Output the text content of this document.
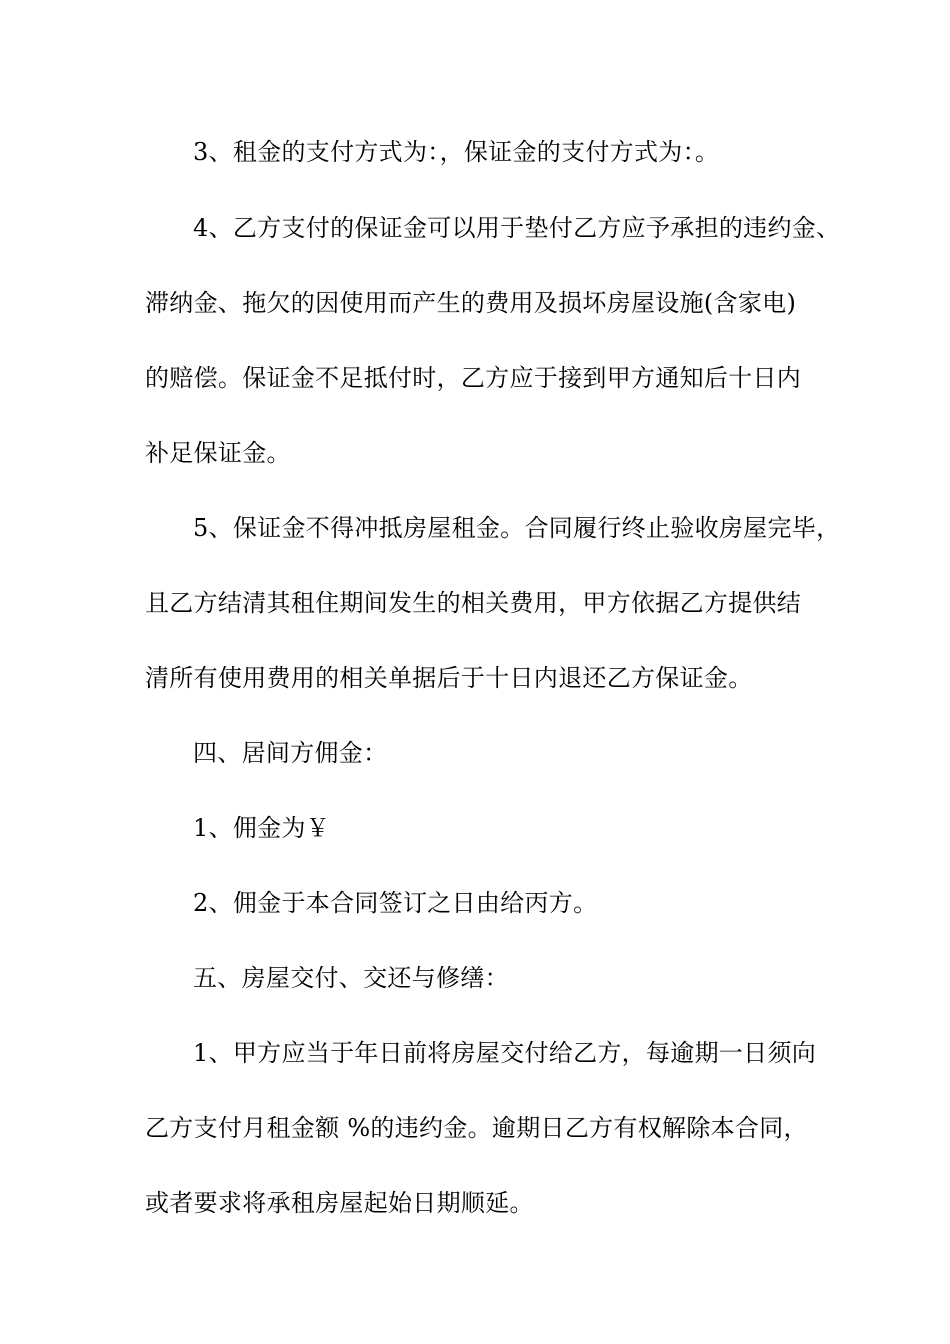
3、租金的支付方式为：，保证金的支付方式为：。
4、乙方支付的保证金可以用于垫付乙方应予承担的违约金、
滞纳金、拖欠的因使用而产生的费用及损坏房屋设施(含家电)
的赔偿。保证金不足抵付时，乙方应于接到甲方通知后十日内
补足保证金。
5、保证金不得冲抵房屋租金。合同履行终止验收房屋完毕，
且乙方结清其租住期间发生的相关费用，甲方依据乙方提供结
清所有使用费用的相关单据后于十日内退还乙方保证金。
四、居间方佣金：
1、佣金为￥
2、佣金于本合同签订之日由给丙方。
五、房屋交付、交还与修缮：
1、甲方应当于年日前将房屋交付给乙方，每逾期一日须向
乙方支付月租金额 %的违约金。逾期日乙方有权解除本合同，
或者要求将承租房屋起始日期顺延。
